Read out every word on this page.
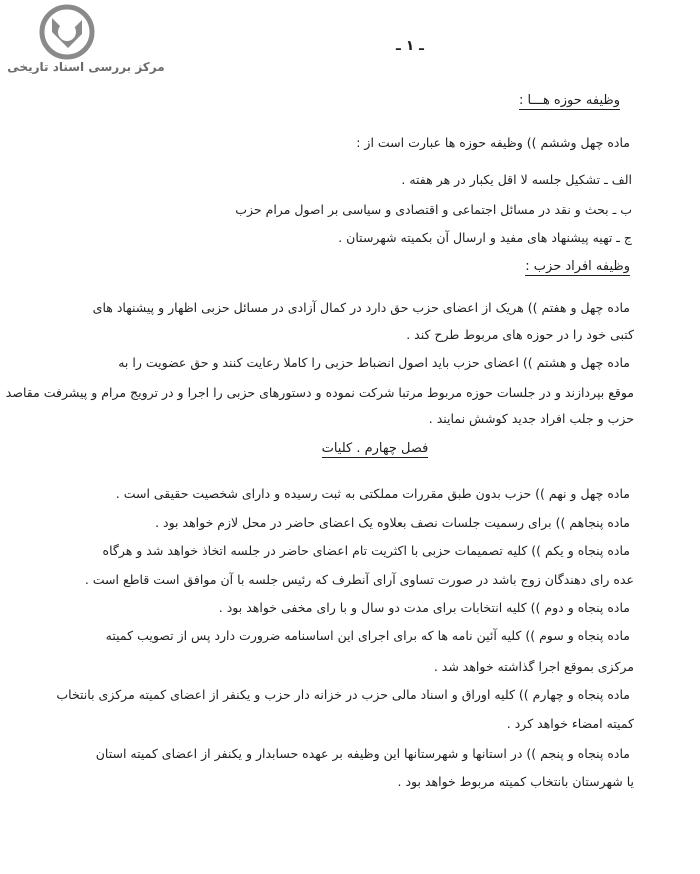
مرکز بررسی اسناد تاریخی
ـ ۱ ـ
وظیفه حوزه هـــا :
ماده چهل وششم )) وظیفه حوزه ها عبارت است از :
الف ـ تشکیل جلسه لا اقل یکبار در هر هفته .
ب ـ بحث و نقد در مسائل اجتماعی و اقتصادی و سیاسی بر اصول مرام حزب
ج ـ تهیه پیشنهاد های مفید و ارسال آن بکمیته شهرستان .
وظیفه افراد حزب :
ماده چهل و هفتم )) هریک از اعضای حزب حق دارد در کمال آزادی در مسائل حزبی اظهار و پیشنهاد های
کتبی خود را در حوزه های مربوط طرح کند .
ماده چهل و هشتم )) اعضای حزب باید اصول انضباط حزبی را کاملا رعایت کنند و حق عضویت را به
موقع بپردازند و در جلسات حوزه مربوط مرتبا شرکت نموده و دستورهای حزبی را اجرا و در ترویج مرام و پیشرفت مقاصد
حزب و جلب افراد جدید کوشش نمایند .
فصل چهارم . کلیات
ماده چهل و نهم )) حزب بدون طبق مقررات مملکتی به ثبت رسیده و دارای شخصیت حقیقی است .
ماده پنجاهم )) برای رسمیت جلسات نصف بعلاوه یک اعضای حاضر در محل لازم خواهد بود .
ماده پنجاه و یکم )) کلیه تصمیمات حزبی با اکثریت تام اعضای حاضر در جلسه اتخاذ خواهد شد و هرگاه
عده رای دهندگان زوج باشد در صورت تساوی آرای آنطرف که رئیس جلسه با آن موافق است قاطع است .
ماده پنجاه و دوم )) کلیه انتخابات برای مدت دو سال و با رای مخفی خواهد بود .
ماده پنجاه و سوم )) کلیه آئین نامه ها که برای اجرای این اساسنامه ضرورت دارد پس از تصویب کمیته
مرکزی بموقع اجرا گذاشته خواهد شد .
ماده پنجاه و چهارم )) کلیه اوراق و اسناد مالی حزب در خزانه دار حزب و یکنفر از اعضای کمیته مرکزی بانتخاب
کمیته امضاء خواهد کرد .
ماده پنجاه و پنجم )) در استانها و شهرستانها این وظیفه بر عهده حسابدار و یکنفر از اعضای کمیته استان
یا شهرستان بانتخاب کمیته مربوط خواهد بود .
